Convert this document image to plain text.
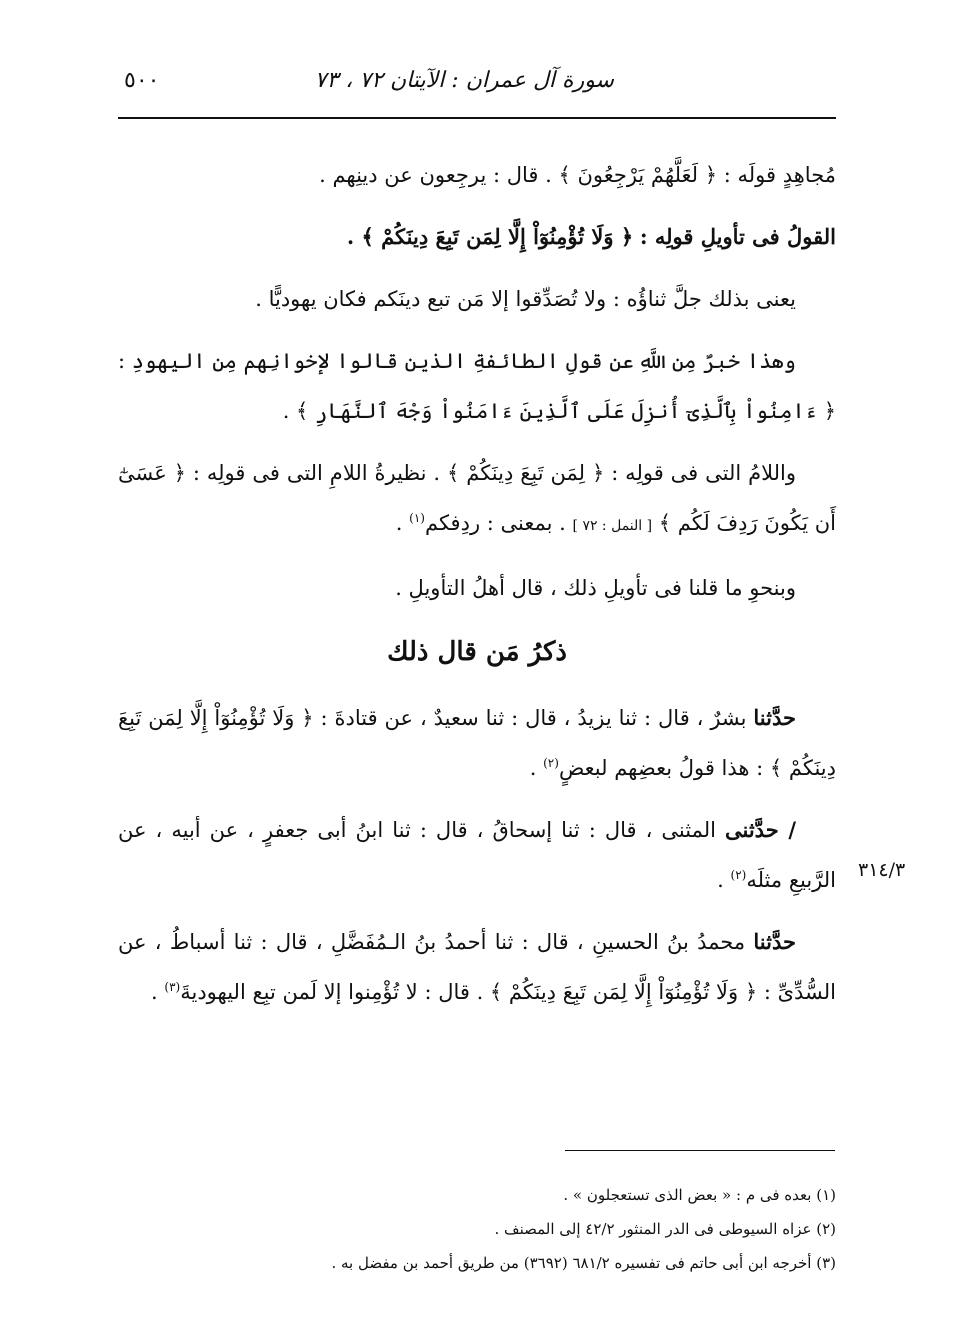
سورة آل عمران : الآيتان ٧٢ ، ٧٣
٥٠٠

مُجاهِدٍ قولَه : ﴿ لَعَلَّهُمْ يَرْجِعُونَ ﴾ . قال : يرجِعون عن دينِهم .

القولُ فى تأويلِ قولِه : ﴿ وَلَا تُؤْمِنُوٓاْ إِلَّا لِمَن تَبِعَ دِينَكُمْ ﴾ .

يعنى بذلك جلَّ ثناؤُه : ولا تُصَدِّقوا إلا مَن تبع دينَكم فكان يهوديًّا .

وهذا خبرٌ مِن اللَّهِ عن قولِ الطائفةِ الذين قالوا لإخوانِهم مِن اليهودِ : ﴿ ءَامِنُواْ بِٱلَّذِىٓ أُنزِلَ عَلَى ٱلَّذِينَ ءَامَنُواْ وَجْهَ ٱلنَّهَارِ ﴾ .

واللامُ التى فى قولِه : ﴿ لِمَن تَبِعَ دِينَكُمْ ﴾ . نظيرةُ اللامِ التى فى قولِه : ﴿ عَسَىٰٓ أَن يَكُونَ رَدِفَ لَكُم ﴾ [ النمل : ٧٢ ] . بمعنى : ردِفكم$^{(١)}$ .

وبنحوِ ما قلنا فى تأويلِ ذلك ، قال أهلُ التأويلِ .

ذكرُ مَن قال ذلك

حدَّثنا بشرٌ ، قال : ثنا يزيدُ ، قال : ثنا سعيدٌ ، عن قتادةَ : ﴿ وَلَا تُؤْمِنُوٓاْ إِلَّا لِمَن تَبِعَ دِينَكُمْ ﴾ : هذا قولُ بعضِهم لبعضٍ$^{(٢)}$ .

/ حدَّثنى المثنى ، قال : ثنا إسحاقُ ، قال : ثنا ابنُ أبى جعفرٍ ، عن أبيه ، عن الرَّبيعِ مثلَه$^{(٢)}$ .

حدَّثنا محمدُ بنُ الحسينِ ، قال : ثنا أحمدُ بنُ الـمُفَضَّلِ ، قال : ثنا أسباطُ ، عن السُّدِّىِّ : ﴿ وَلَا تُؤْمِنُوٓاْ إِلَّا لِمَن تَبِعَ دِينَكُمْ ﴾ . قال : لا تُؤْمِنوا إلا لَمن تبِع اليهوديةَ$^{(٣)}$ .

٣١٤/٣

(١) بعده فى م : « بعض الذى تستعجلون » .

(٢) عزاه السيوطى فى الدر المنثور ٤٢/٢ إلى المصنف .

(٣) أخرجه ابن أبى حاتم فى تفسيره ٦٨١/٢ (٣٦٩٢) من طريق أحمد بن مفضل به .
